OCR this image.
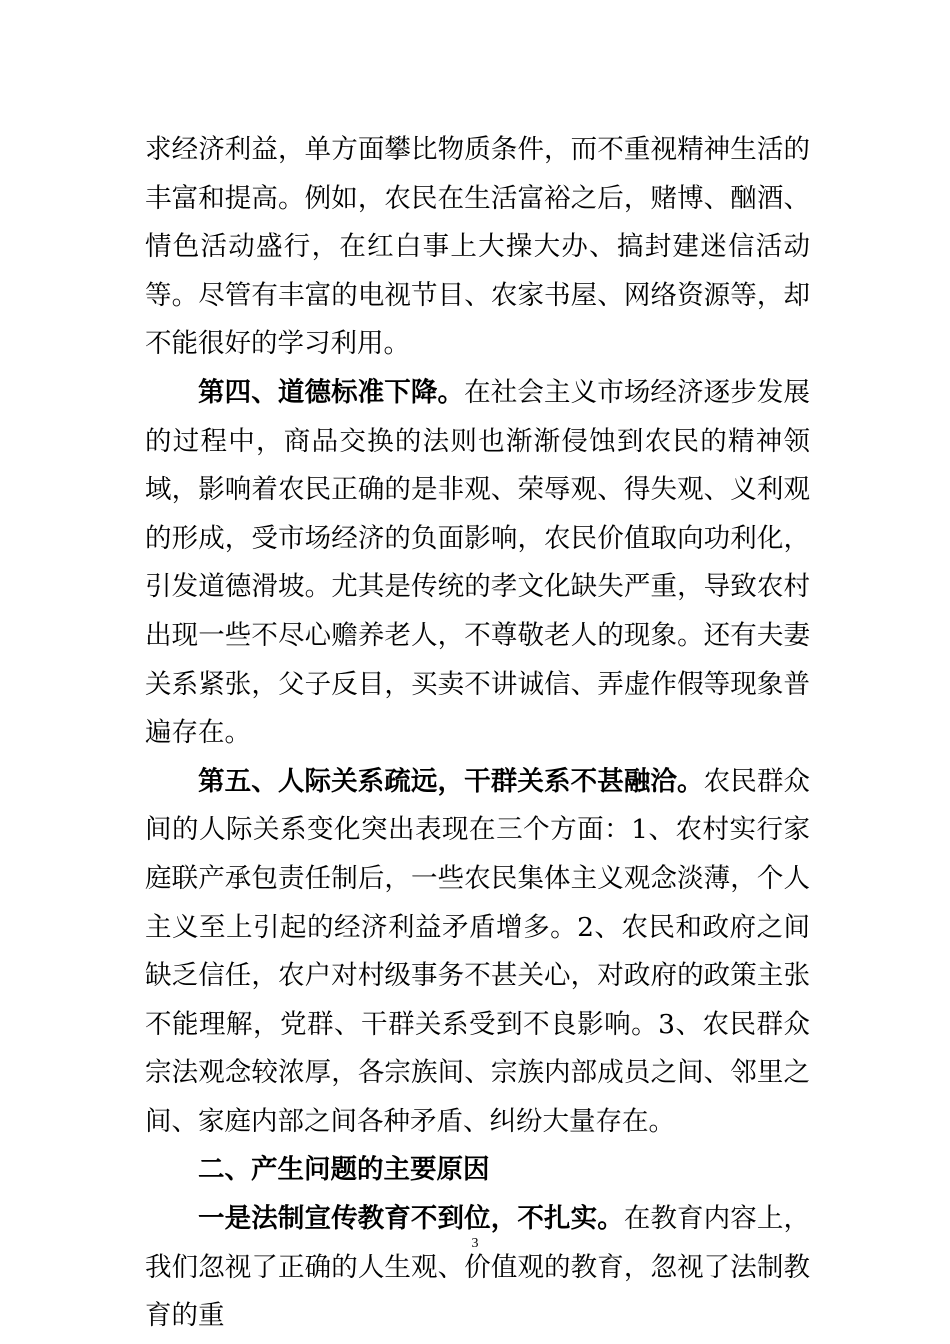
求经济利益，单方面攀比物质条件，而不重视精神生活的丰富和提高。例如，农民在生活富裕之后，赌博、酗酒、情色活动盛行，在红白事上大操大办、搞封建迷信活动等。尽管有丰富的电视节目、农家书屋、网络资源等，却不能很好的学习利用。

第四、道德标准下降。在社会主义市场经济逐步发展的过程中，商品交换的法则也渐渐侵蚀到农民的精神领域，影响着农民正确的是非观、荣辱观、得失观、义利观的形成，受市场经济的负面影响，农民价值取向功利化，引发道德滑坡。尤其是传统的孝文化缺失严重，导致农村出现一些不尽心赡养老人，不尊敬老人的现象。还有夫妻关系紧张，父子反目，买卖不讲诚信、弄虚作假等现象普遍存在。

第五、人际关系疏远，干群关系不甚融洽。农民群众间的人际关系变化突出表现在三个方面：1、农村实行家庭联产承包责任制后，一些农民集体主义观念淡薄，个人主义至上引起的经济利益矛盾增多。2、农民和政府之间缺乏信任，农户对村级事务不甚关心，对政府的政策主张不能理解，党群、干群关系受到不良影响。3、农民群众宗法观念较浓厚，各宗族间、宗族内部成员之间、邻里之间、家庭内部之间各种矛盾、纠纷大量存在。

二、产生问题的主要原因

一是法制宣传教育不到位，不扎实。在教育内容上，我们忽视了正确的人生观、价值观的教育，忽视了法制教育的重

3
